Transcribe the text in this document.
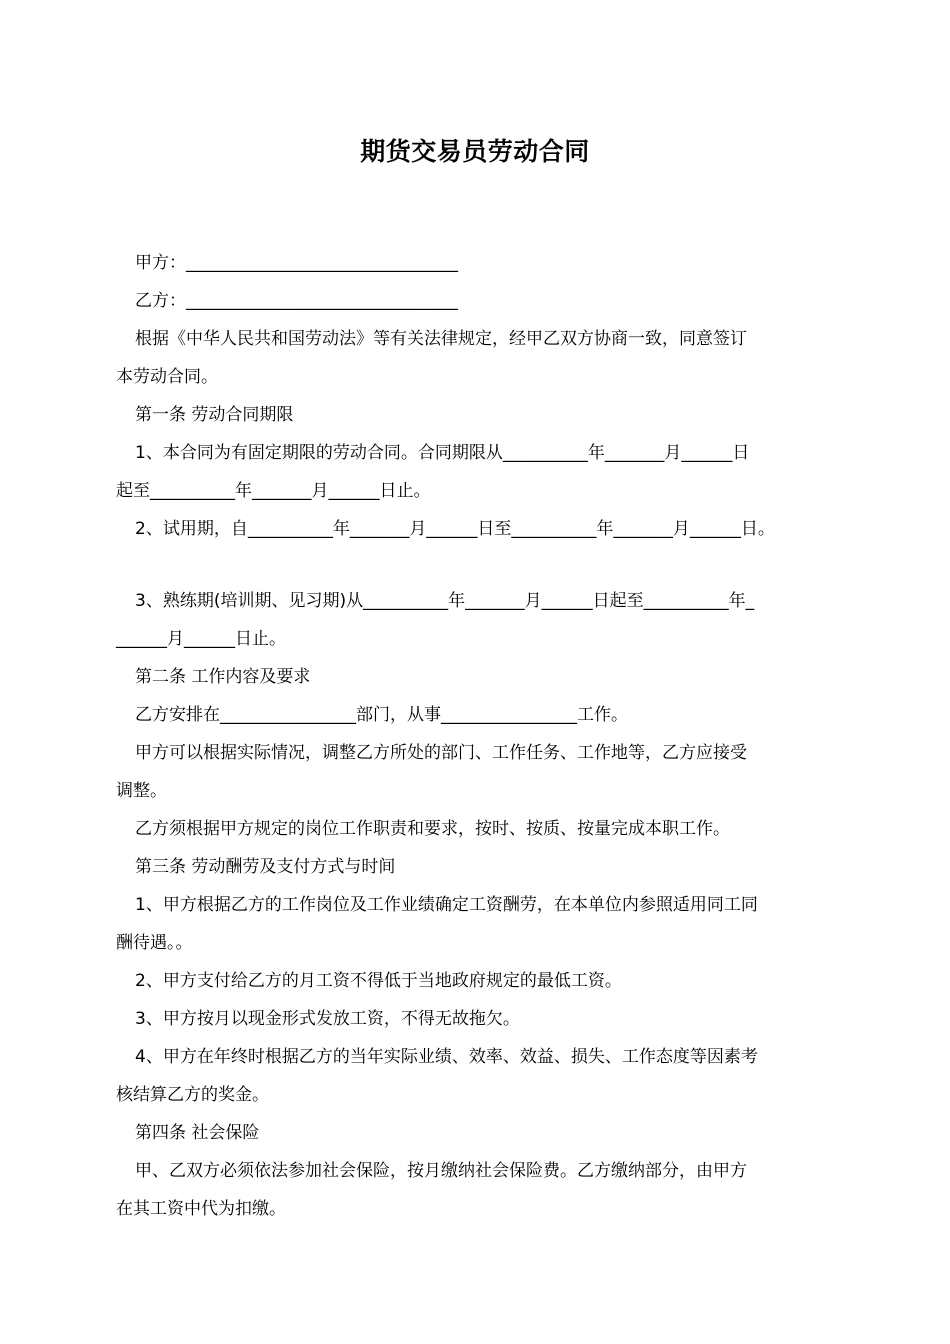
期货交易员劳动合同
甲方：________________________________
乙方：________________________________
根据《中华人民共和国劳动法》等有关法律规定，经甲乙双方协商一致，同意签订
本劳动合同。
第一条 劳动合同期限
1、本合同为有固定期限的劳动合同。合同期限从__________年_______月______日
起至__________年_______月______日止。
2、试用期，自__________年_______月______日至__________年_______月______日。
3、熟练期(培训期、见习期)从__________年_______月______日起至__________年_
______月______日止。
第二条 工作内容及要求
乙方安排在________________部门，从事________________工作。
甲方可以根据实际情况，调整乙方所处的部门、工作任务、工作地等，乙方应接受
调整。
乙方须根据甲方规定的岗位工作职责和要求，按时、按质、按量完成本职工作。
第三条 劳动酬劳及支付方式与时间
1、甲方根据乙方的工作岗位及工作业绩确定工资酬劳，在本单位内参照适用同工同
酬待遇。。
2、甲方支付给乙方的月工资不得低于当地政府规定的最低工资。
3、甲方按月以现金形式发放工资，不得无故拖欠。
4、甲方在年终时根据乙方的当年实际业绩、效率、效益、损失、工作态度等因素考
核结算乙方的奖金。
第四条 社会保险
甲、乙双方必须依法参加社会保险，按月缴纳社会保险费。乙方缴纳部分，由甲方
在其工资中代为扣缴。
